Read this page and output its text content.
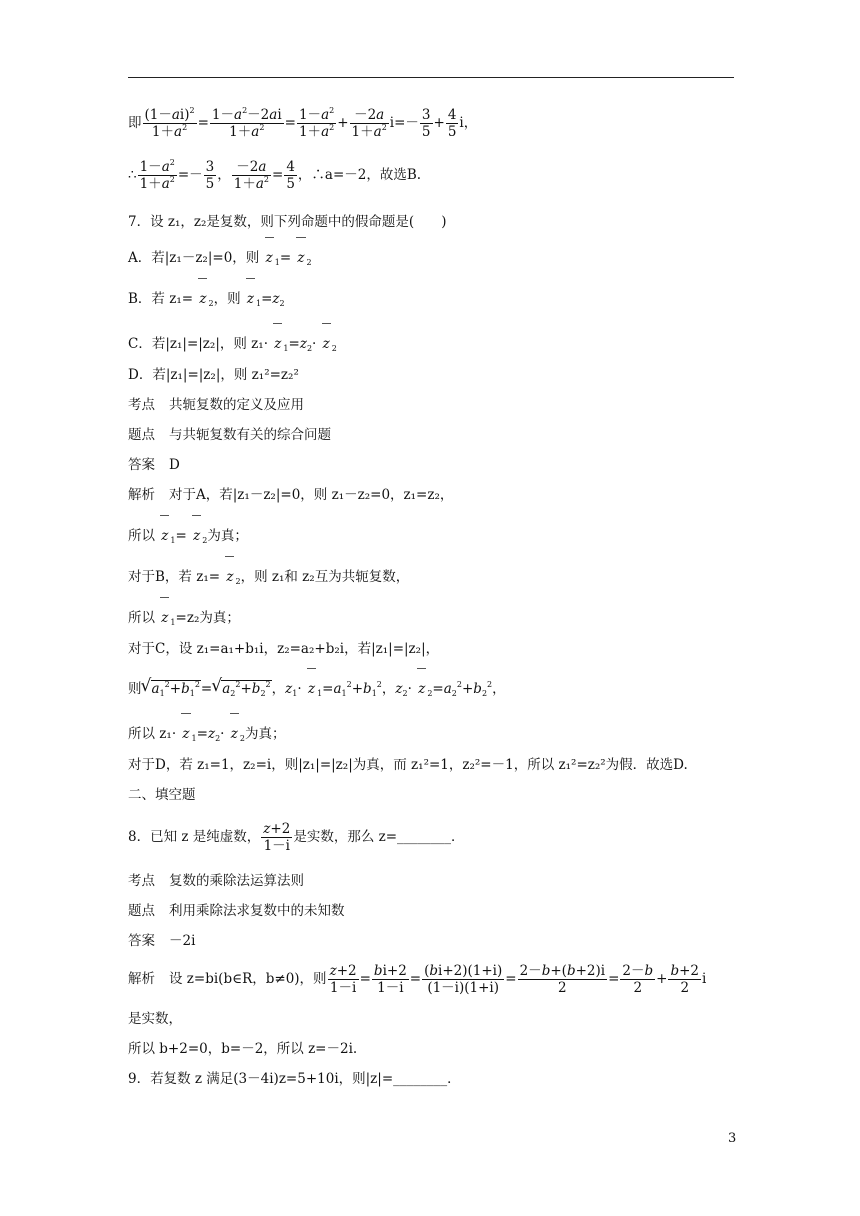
即 $\frac{(1-ai)^2}{1+a^2} = \frac{1-a^2-2ai}{1+a^2} = \frac{1-a^2}{1+a^2} + \frac{-2a}{1+a^2} i=- \frac{3}{5} + \frac{4}{5}$ i，
∴ $\frac{1-a^2}{1+a^2} =- \frac{3}{5}$ ， $\frac{-2a}{1+a^2} = \frac{4}{5}$ ，∴a=－2，故选B.
7．设 z₁，z₂是复数，则下列命题中的假命题是(　　)
A．若|z₁－z₂|=0，则 z $_1$= z $_2$
B．若 z₁= z $_2$，则 z $_1=z_2$
C．若|z₁|=|z₂|，则 z₁· z $_1=z_2\cdot z$ $_2$
D．若|z₁|=|z₂|，则 z₁²=z₂²
考点 共轭复数的定义及应用
题点 与共轭复数有关的综合问题
答案 D
解析 对于A，若|z₁－z₂|=0，则 z₁－z₂=0，z₁=z₂，
所以 z $_1$= z $_2$为真；
对于B，若 z₁= z $_2$，则 z₁和 z₂互为共轭复数，
所以 z $_1$=z₂为真；
对于C，设 z₁=a₁+b₁i，z₂=a₂+b₂i，若|z₁|=|z₂|，
则√ $a_1^2+b_1^2=√$ $a_2^2+b_2^2$，$z_1\cdot z$ $_1=a_1^2+b_1^2$，$z_2\cdot z$ $_2=a_2^2+b_2^2$，
所以 z₁· z $_1=z_2\cdot z$ $_2$为真；
对于D，若 z₁=1，z₂=i，则|z₁|=|z₂|为真，而 z₁²=1，z₂²=－1，所以 z₁²=z₂²为假．故选D.
二、填空题
8．已知 z 是纯虚数， $\frac{z+2}{1-i}$ 是实数，那么 z=________．
考点 复数的乘除法运算法则
题点 利用乘除法求复数中的未知数
答案 －2i
解析 设 z=bi(b∈R，b≠0)，则 $\frac{z+2}{1-i} = \frac{bi+2}{1-i} = \frac{(bi+2)(1+i)}{(1-i)(1+i)} = \frac{2-b+(b+2)i}{2} = \frac{2-b}{2} + \frac{b+2}{2}$ i
是实数，
所以 b+2=0，b=－2，所以 z=－2i.
9．若复数 z 满足(3－4i)z=5+10i，则|z|=________．
3
